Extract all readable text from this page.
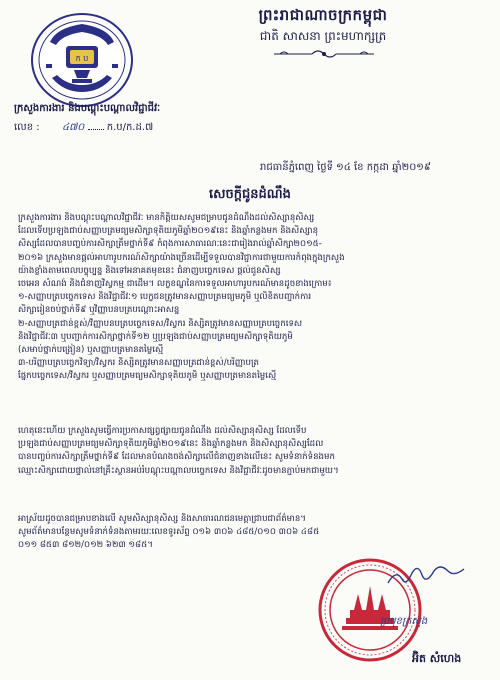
ក ប
ព្រះរាជាណាចក្រកម្ពុជា
ជាតិ សាសនា ព្រះមហាក្សត្រ
ក្រសួងការងារ និងបណ្តុះបណ្តាលវិជ្ជាជីវៈ
លេខ : ៤៧០ ក.ប/ក.ដ.៧
រាជធានីភ្នំពេញ ថ្ងៃទី ១៤ ខែ កក្កដា ឆ្នាំ២០១៩
សេចក្តីជូនដំណឹង

ក្រសួងការងារ និងបណ្តុះបណ្តាលវិជ្ជាជីវៈ មានកិត្តិយសសូមជម្រាបជូនដំណឹងដល់សិស្សានុសិស្ស

ដែលទើបប្រឡងជាប់សញ្ញាបត្រមធ្យមសិក្សាទុតិយភូមិឆ្នាំ២០១៩នេះ និងឆ្នាំកន្លងមក និងសិស្សានុ

សិស្សដែលបានបញ្ចប់ការសិក្សាត្រឹមថ្នាក់ទី៩ កំពុងការសាធារណៈនេះជារៀងរាល់ឆ្នាំសិក្សា២០១៥-

២០១៦ ក្រសួងមានផ្តល់អាហារូបករណ៍សិក្សាយ៉ាងច្រើនដើម្បីទទួលបានវិជ្ជាការជាមួយការកំពុងក្នុងក្រសួង

យ៉ាងខ្លាំងតាមពេលបច្ចុប្បន្ន និងទៅអនាគតមុខនេះ ជំនាញបច្ចេកទេស ផ្តល់ជូនសិស្ស

ចេអេន សំណង់ និងជំនាញវិស្វកម្ម ជាដើម។ លក្ខខណ្ឌនៃការទទួលអាហារូបករណ៍មានដូចខាងក្រោម៖

១-សញ្ញាបត្របច្ចេកទេស និងវិជ្ជាជីវៈ១ បេក្ខជនត្រូវមានសញ្ញាបត្រមធ្យមភូមិ ឬលិខិតបញ្ជាក់ការ

សិក្សារៀនចប់ថ្នាក់ទី៩ ឬវិញ្ញាបនបត្របណ្តោះអាសន្ន

២-សញ្ញាបត្រជាន់ខ្ពស់/វិញ្ញាបនបត្របច្ចេកទេស/វិស្វករ និស្សិតត្រូវមានសញ្ញាបត្របច្ចេកទេស

និងវិជ្ជាជីវៈ៣ ឬបញ្ជាក់ការសិក្សាថ្នាក់ទី១២ ឬប្រឡងជាប់សញ្ញាបត្រមធ្យមសិក្សាទុតិយភូមិ

(សមាប់ថ្នាក់បង្រៀន) ឬសញ្ញាបត្រមានតម្លៃស្មើ

៣-បរិញ្ញាបត្របច្ចេកវិទ្យា/វិស្វករ និស្សិតត្រូវមានសញ្ញាបត្រជាន់ខ្ពស់/បរិញ្ញាបត្រ

ផ្នែកបច្ចេកទេស/វិស្វករ ឬសញ្ញាបត្រមធ្យមសិក្សាទុតិយភូមិ ឬសញ្ញាបត្រមានតម្លៃស្មើ

ហេតុនេះហើយ ក្រសួងសូមធ្វើការប្រកាសផ្សព្វផ្សាយជូនដំណឹង ដល់សិស្សានុសិស្ស ដែលទើប

ប្រឡងជាប់សញ្ញាបត្រមធ្យមសិក្សាទុតិយភូមិឆ្នាំ២០១៩នេះ និងឆ្នាំកន្លងមក និងសិស្សានុសិស្សដែល

បានបញ្ចប់ការសិក្សាត្រឹមថ្នាក់ទី៩ ដែលមានបំណងចង់សិក្សាលើជំនាញខាងលើនេះ សូមទំនាក់ទំនងមក

ឈ្មោះសិក្សាដោយផ្ទាល់នៅគ្រឹះស្ថានអប់រំបណ្តុះបណ្តាលបច្ចេកទេស និងវិជ្ជាជីវៈដូចមានភ្ជាប់មកជាមួយ។

អាស្រ័យដូចបានជម្រាបខាងលើ សូមសិស្សានុសិស្ស និងសាធារណជនមេត្តាជ្រាបជាព័ត៌មាន។

សូមព័ត៌មានបន្ថែមសូមទំនាក់ទំនងតាមរយៈលេខទូរស័ព្ទ ០១៦ ៣០៦ ៤៨៥/០១០ ៣០៦ ៤៨៥

០១១ ៨៥៣ ៨១២/០១២ ៦២៣ ១៨៥។

ប្រមុខក្រសួង
អ៊ិត សំហេង
